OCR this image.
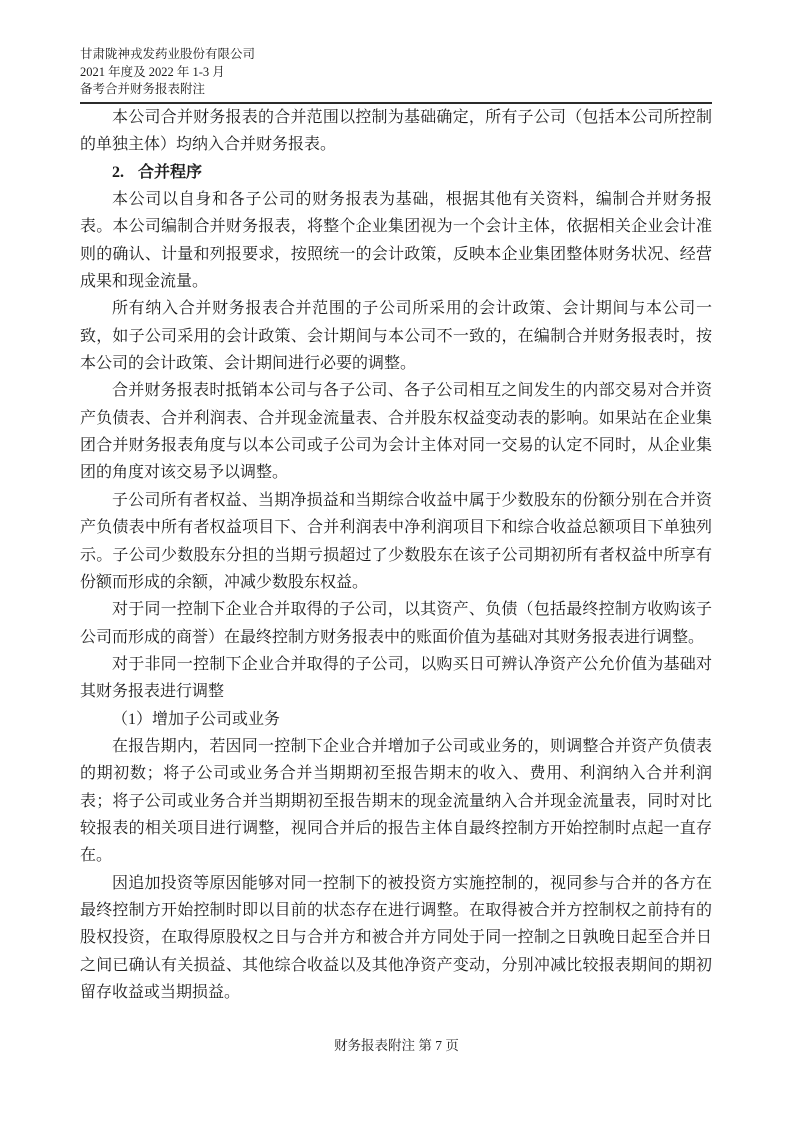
甘肃陇神戎发药业股份有限公司
2021 年度及 2022 年 1-3 月
备考合并财务报表附注

本公司合并财务报表的合并范围以控制为基础确定，所有子公司（包括本公司所控制的单独主体）均纳入合并财务报表。

2. 合并程序

本公司以自身和各子公司的财务报表为基础，根据其他有关资料，编制合并财务报表。本公司编制合并财务报表，将整个企业集团视为一个会计主体，依据相关企业会计准则的确认、计量和列报要求，按照统一的会计政策，反映本企业集团整体财务状况、经营成果和现金流量。

所有纳入合并财务报表合并范围的子公司所采用的会计政策、会计期间与本公司一致，如子公司采用的会计政策、会计期间与本公司不一致的，在编制合并财务报表时，按本公司的会计政策、会计期间进行必要的调整。

合并财务报表时抵销本公司与各子公司、各子公司相互之间发生的内部交易对合并资产负债表、合并利润表、合并现金流量表、合并股东权益变动表的影响。如果站在企业集团合并财务报表角度与以本公司或子公司为会计主体对同一交易的认定不同时，从企业集团的角度对该交易予以调整。

子公司所有者权益、当期净损益和当期综合收益中属于少数股东的份额分别在合并资产负债表中所有者权益项目下、合并利润表中净利润项目下和综合收益总额项目下单独列示。子公司少数股东分担的当期亏损超过了少数股东在该子公司期初所有者权益中所享有份额而形成的余额，冲减少数股东权益。

对于同一控制下企业合并取得的子公司，以其资产、负债（包括最终控制方收购该子公司而形成的商誉）在最终控制方财务报表中的账面价值为基础对其财务报表进行调整。

对于非同一控制下企业合并取得的子公司，以购买日可辨认净资产公允价值为基础对其财务报表进行调整

（1）增加子公司或业务

在报告期内，若因同一控制下企业合并增加子公司或业务的，则调整合并资产负债表的期初数；将子公司或业务合并当期期初至报告期末的收入、费用、利润纳入合并利润表；将子公司或业务合并当期期初至报告期末的现金流量纳入合并现金流量表，同时对比较报表的相关项目进行调整，视同合并后的报告主体自最终控制方开始控制时点起一直存在。

因追加投资等原因能够对同一控制下的被投资方实施控制的，视同参与合并的各方在最终控制方开始控制时即以目前的状态存在进行调整。在取得被合并方控制权之前持有的股权投资，在取得原股权之日与合并方和被合并方同处于同一控制之日孰晚日起至合并日之间已确认有关损益、其他综合收益以及其他净资产变动，分别冲减比较报表期间的期初留存收益或当期损益。

财务报表附注 第 7 页
